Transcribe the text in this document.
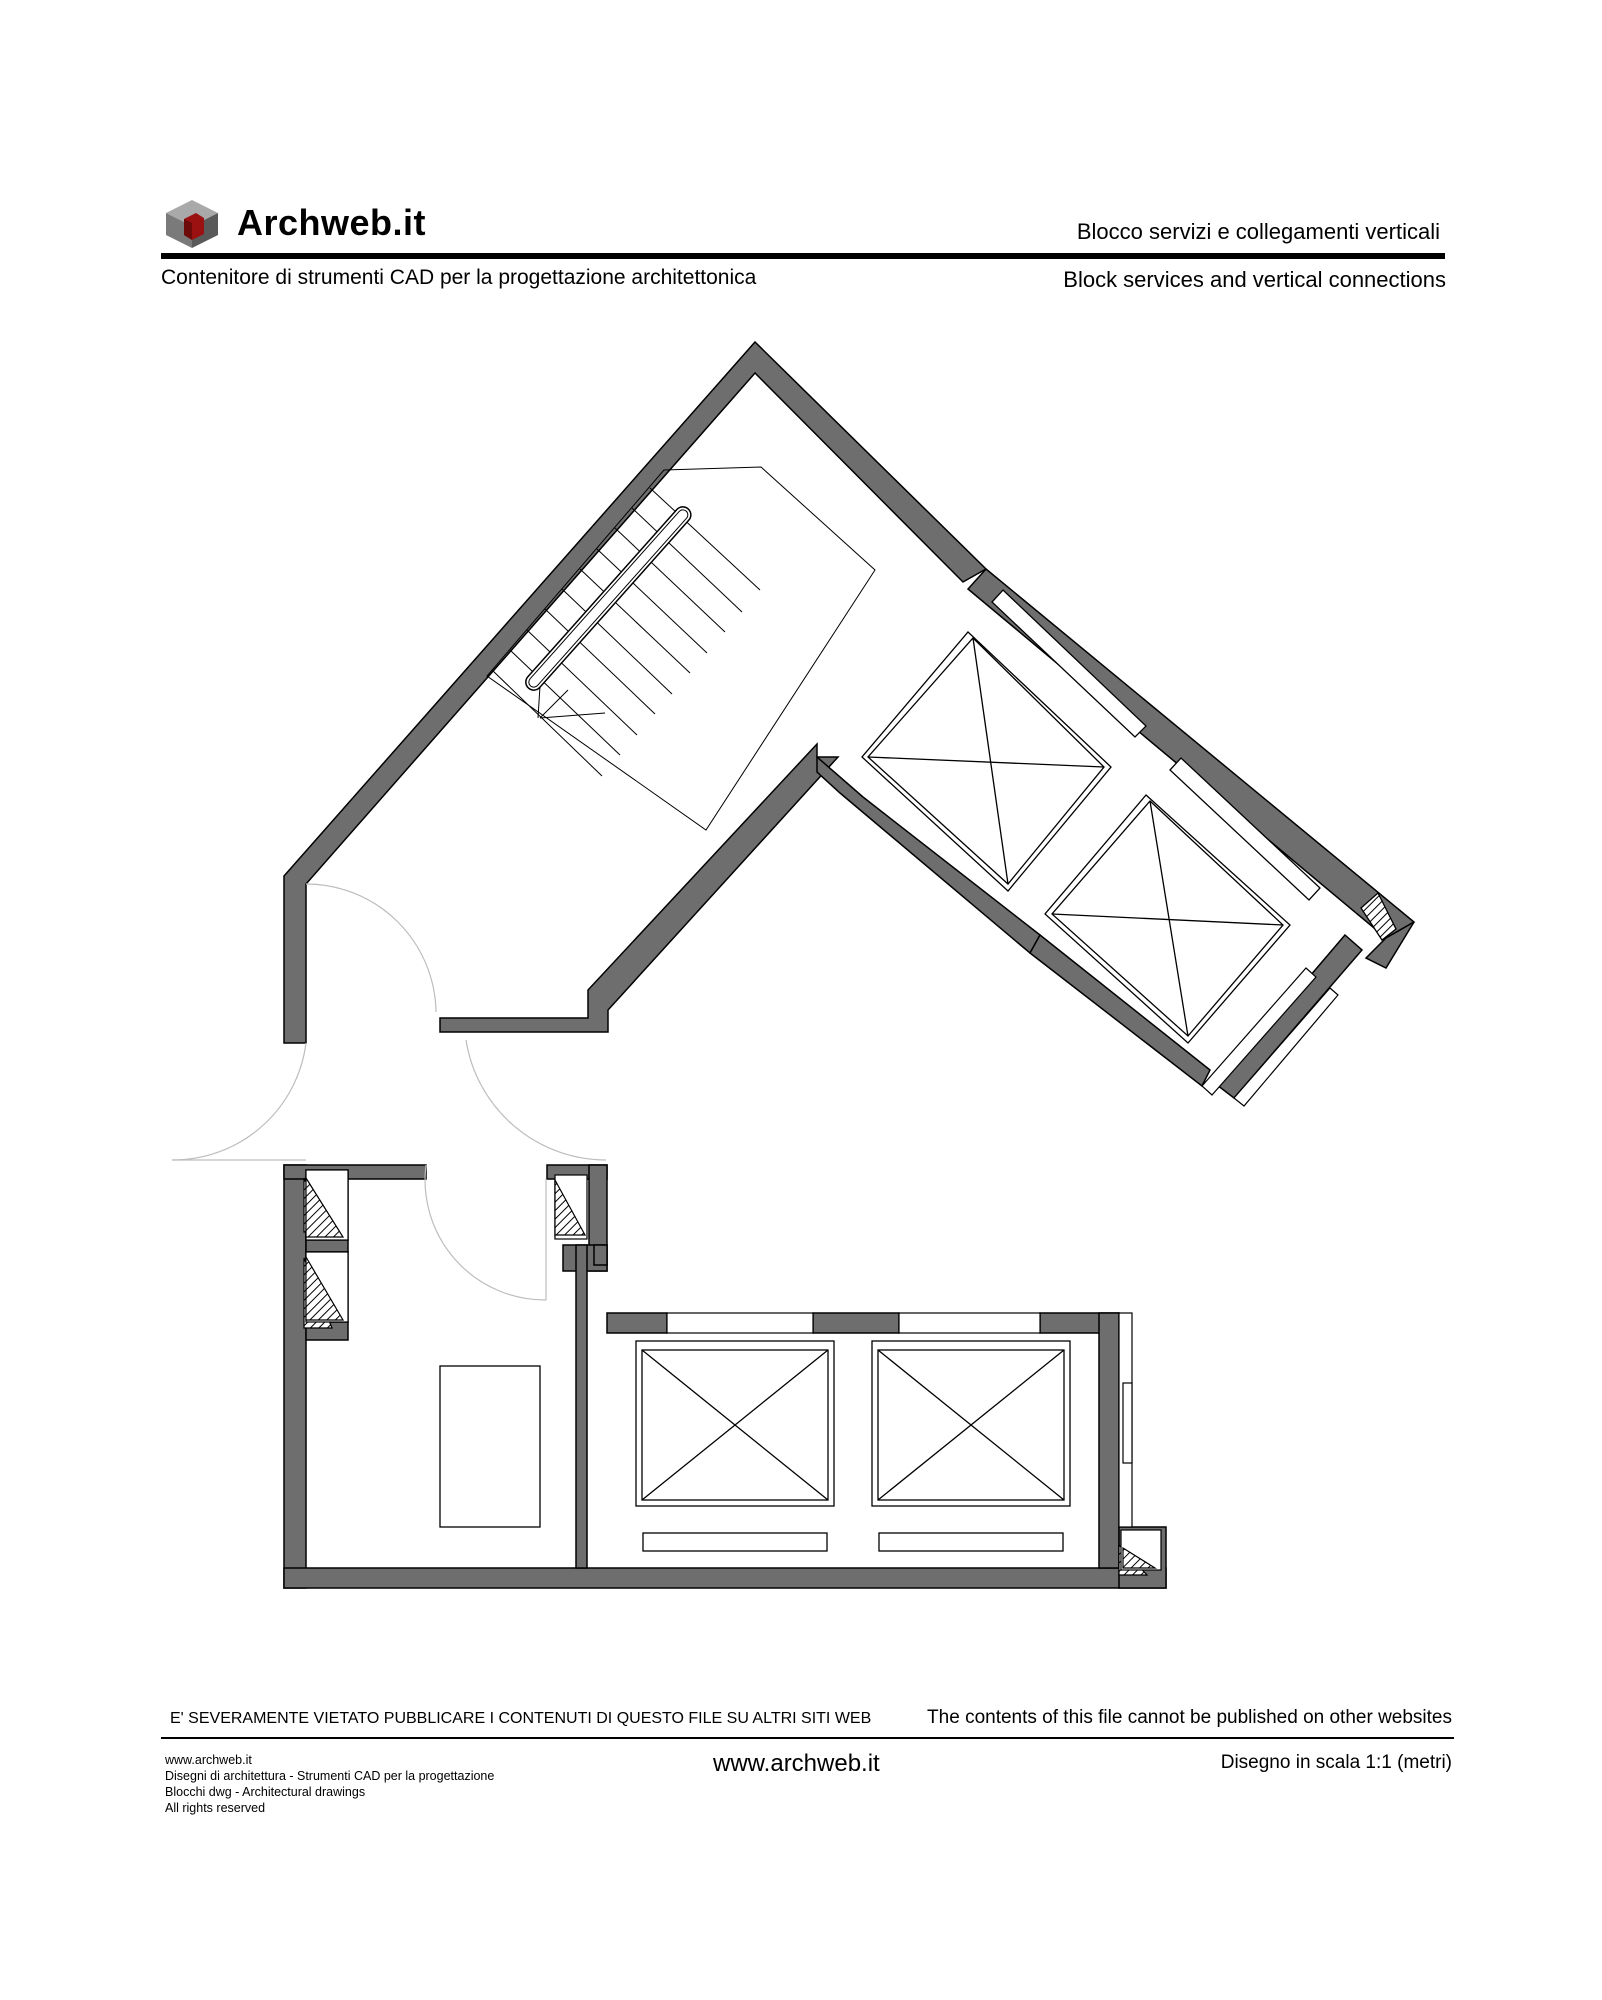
Archweb.it	Blocco servizi e collegamenti verticali
Contenitore di strumenti CAD per la progettazione architettonica	Block services and vertical connections
E' SEVERAMENTE VIETATO PUBBLICARE I CONTENUTI DI QUESTO FILE SU ALTRI SITI WEB	The contents of this file cannot be published on other websites
www.archweb.it
Disegni di architettura - Strumenti CAD per la progettazione
Blocchi dwg - Architectural drawings
All rights reserved
www.archweb.it	Disegno in scala 1:1 (metri)
